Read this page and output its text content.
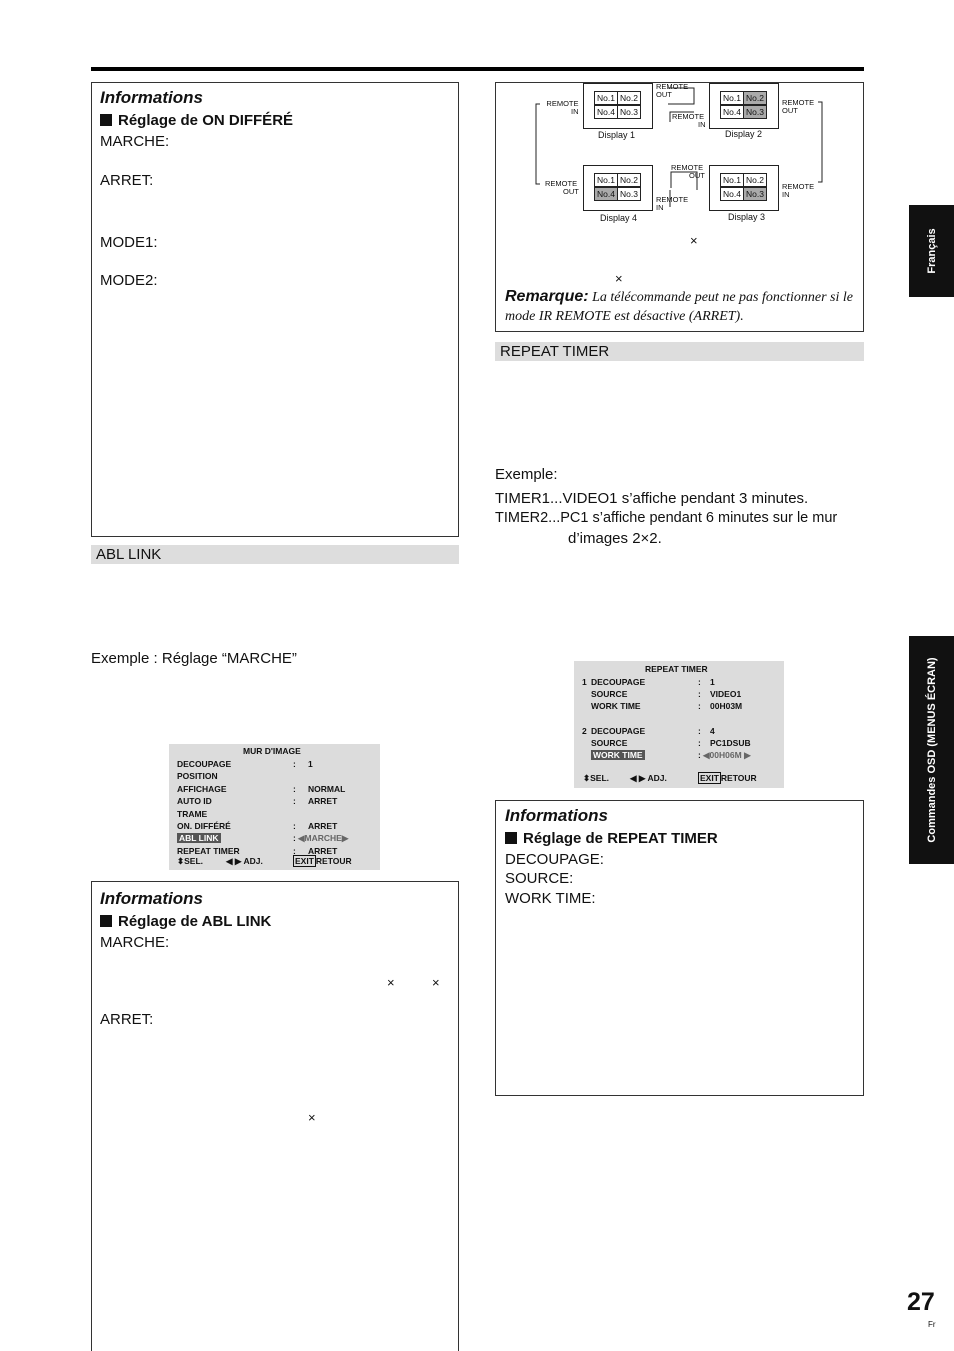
Français
Commandes OSD (MENUS ÉCRAN)
Informations
Réglage de ON DIFFÉRÉ
MARCHE:
ARRET:
MODE1:
MODE2:
ABL LINK
Exemple : Réglage “MARCHE”
MUR D'IMAGE
DECOUPAGE	: 1
POSITION
AFFICHAGE	: NORMAL
AUTO ID	: ARRET
TRAME
ON. DIFFÉRÉ	: ARRET
ABL LINK	: ◀MARCHE▶
REPEAT TIMER	: ARRET
⬍SEL.	◀ ▶ ADJ.	EXIT RETOUR
Informations
Réglage de ABL LINK
MARCHE:
×	×
ARRET:
×
No.1 No.2
No.4 No.3
Display 1
No.1 No.2
No.4 No.3
Display 2
No.1 No.2
No.4 No.3
Display 4
No.1 No.2
No.4 No.3
Display 3
REMOTE
IN
REMOTE
OUT
REMOTE
IN
REMOTE
OUT
REMOTE
OUT
REMOTE
OUT
REMOTE
IN
REMOTE
IN
×
×
Remarque: La télécommande peut ne pas fonctionner si le mode IR REMOTE est désactive (ARRET).
REPEAT TIMER
Exemple:
TIMER1...VIDEO1 s’affiche pendant 3 minutes.
TIMER2...PC1 s’affiche pendant 6 minutes sur le mur
d’images 2×2.
REPEAT TIMER
1 DECOUPAGE	: 1
SOURCE	: VIDEO1
WORK TIME	: 00H03M
2 DECOUPAGE	: 4
SOURCE	: PC1DSUB
WORK TIME	: ◀00H06M ▶
⬍SEL. ◀ ▶ ADJ.	EXIT RETOUR
Informations
Réglage de REPEAT TIMER
DECOUPAGE:
SOURCE:
WORK TIME:
27
Fr
